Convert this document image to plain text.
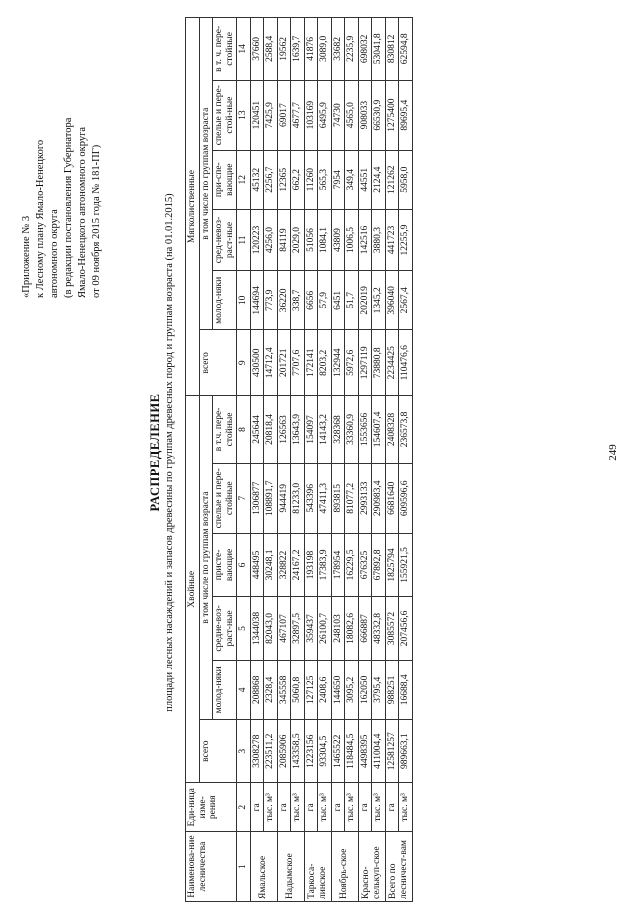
249
«Приложение № 3 к Лесному плану Ямало-Ненецкого автономного округа (в редакции постановления Губернатора Ямало-Ненецкого автономного округа от 09 ноября 2015 года № 181-ПГ)
РАСПРЕДЕЛЕНИЕ площади лесных насаждений и запасов древесины по группам древесных пород и группам возраста (на 01.01.2015)
Наименова-ние лесничества	Еди-ница изме-рения	Хвойные						Мягколиственные					
		всего	в том числе по группам возраста					всего	в том числе по группам возраста				
			молод-няки	средне-воз-раст-ные	присте-вающие	спелые и пере-стойные	в т.ч. пере-стойные		молод-няки	сред-невоз-раст-ные	при-спе-вающие	спелые и пере-стой-ные	в т. ч. пере-стойные
1	2	3	4	5	6	7	8	9	10	11	12	13	14
Ямальское	га	3308278	208868	1344038	448495	1306877	245644	430500	144694	120223	45132	120451	37660
	тыс. м³	223511,2	2328,4	82043,0	30248,1	108891,7	20818,4	14712,4	773,9	4256,0	2256,7	7425,9	2588,4
Надымское	га	2085906	345558	467107	328822	944419	126563	201721	36220	84119	12365	69017	19562
	тыс. м³	143358,5	5060,8	32897,5	24167,2	81233,0	13643,9	7707,6	338,7	2029,0	662,2	4677,7	1639,7
Таркоса-линское	га	1223156	127125	359437	193198	543396	154097	172141	6656	51056	11260	103169	41876
	тыс. м³	93304,5	2408,6	26100,7	17383,9	47411,3	14143,2	8203,2	57,9	1084,1	565,3	6495,9	3089,0
Ноябрь-ское	га	1465522	144650	248103	178954	893815	328368	132944	6451	43809	7954	74730	33682
	тыс. м³	118484,5	3095,2	18082,6	16229,5	81077,2	33360,9	5972,6	51,7	1006,5	349,4	4565,0	2235,9
Красно-селькуп-ское	га	4498395	162050	666887	676325	2993133	1553656	1297119	202019	142516	44551	908033	698032
	тыс. м³	411004,4	3795,4	48332,8	67892,8	290983,4	154607,4	73880,8	1345,2	3880,3	2124,4	66530,9	53041,8
Всего по лесничест-вам	га	12581257	988251	3085572	1825794	6681640	2408328	2234425	396040	441723	121262	1275400	830812
	тыс. м³	989663,1	16688,4	207456,6	155921,5	609596,6	236573,8	110476,6	2567,4	12255,9	5958,0	89695,4	62594,8
